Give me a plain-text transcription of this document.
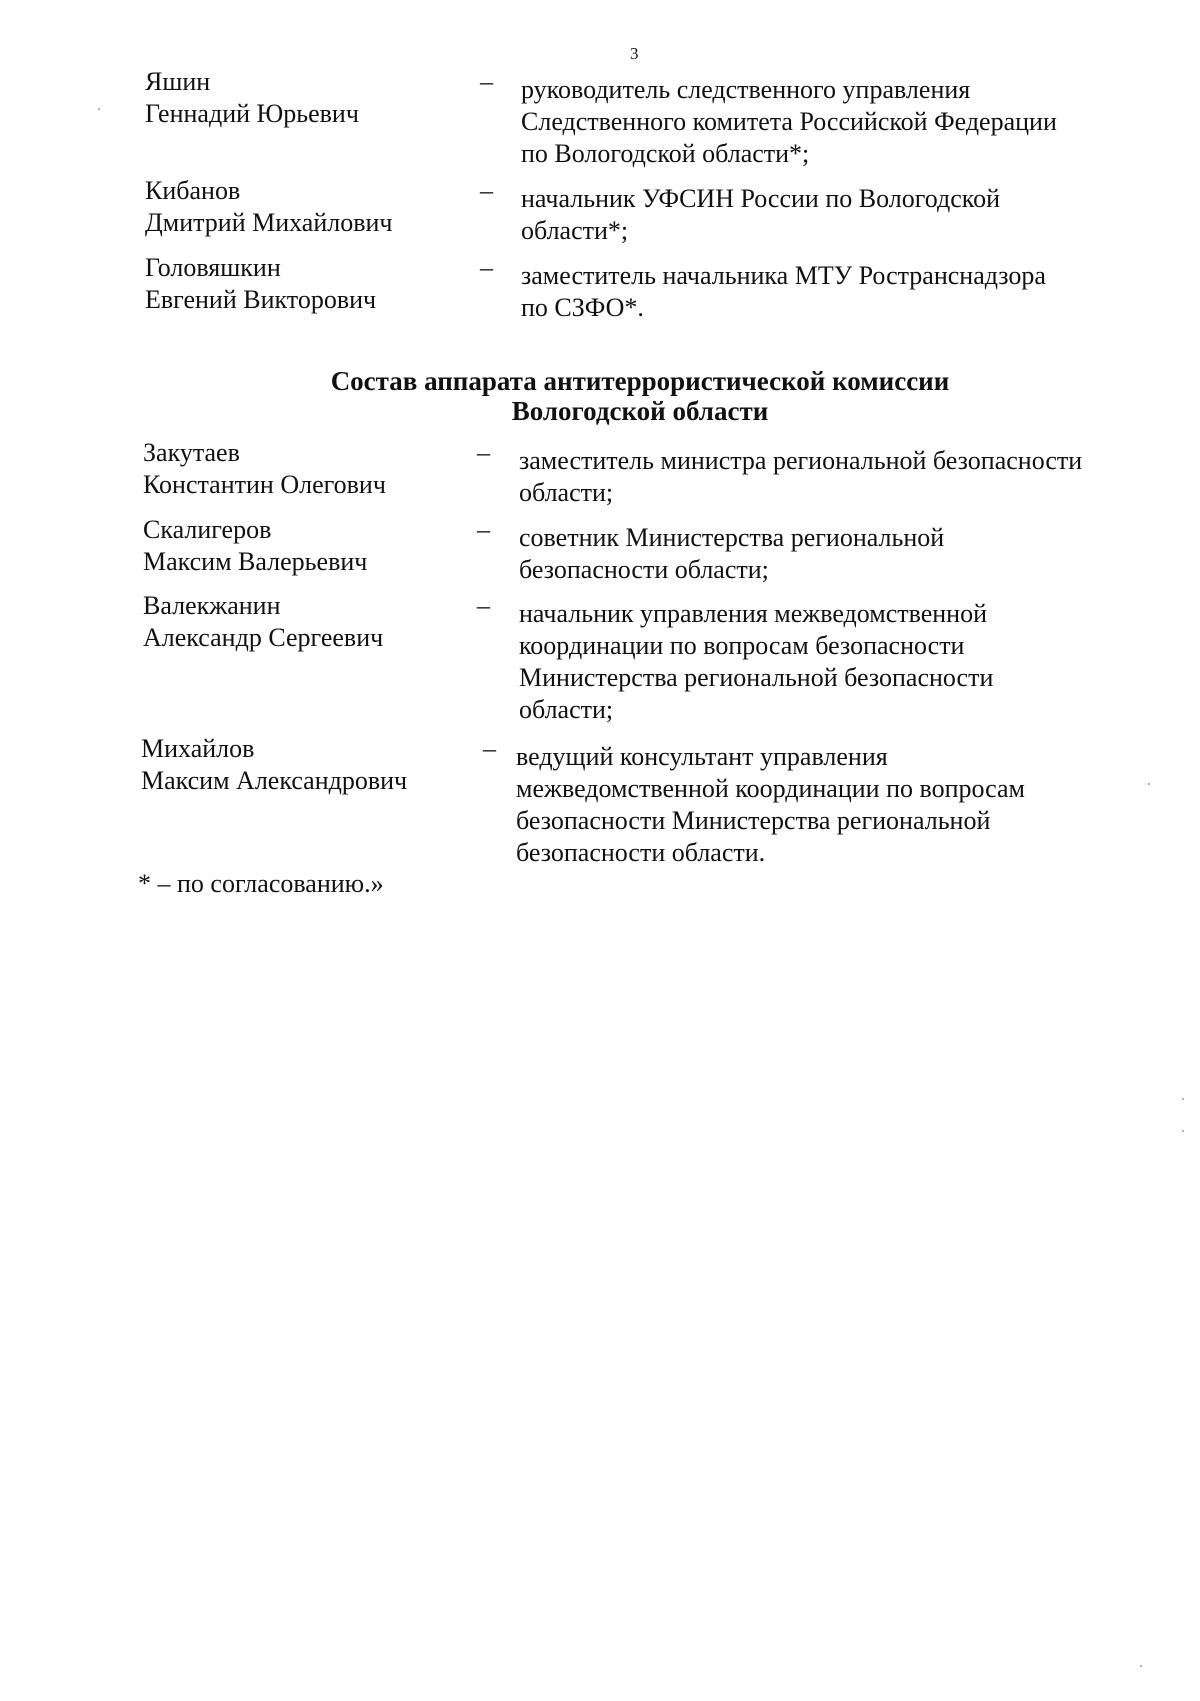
3
Яшин
Геннадий Юрьевич
– руководитель следственного управления
Следственного комитета Российской Федерации
по Вологодской области*;
Кибанов
Дмитрий Михайлович
– начальник УФСИН России по Вологодской
области*;
Головяшкин
Евгений Викторович
– заместитель начальника МТУ Ространснадзора
по СЗФО*.
Состав аппарата антитеррористической комиссии
Вологодской области
Закутаев
Константин Олегович
– заместитель министра региональной безопасности
области;
Скалигеров
Максим Валерьевич
– советник Министерства региональной
безопасности области;
Валекжанин
Александр Сергеевич
– начальник управления межведомственной
координации по вопросам безопасности
Министерства региональной безопасности
области;
Михайлов
Максим Александрович
– ведущий консультант управления
межведомственной координации по вопросам
безопасности Министерства региональной
безопасности области.
* – по согласованию.»
